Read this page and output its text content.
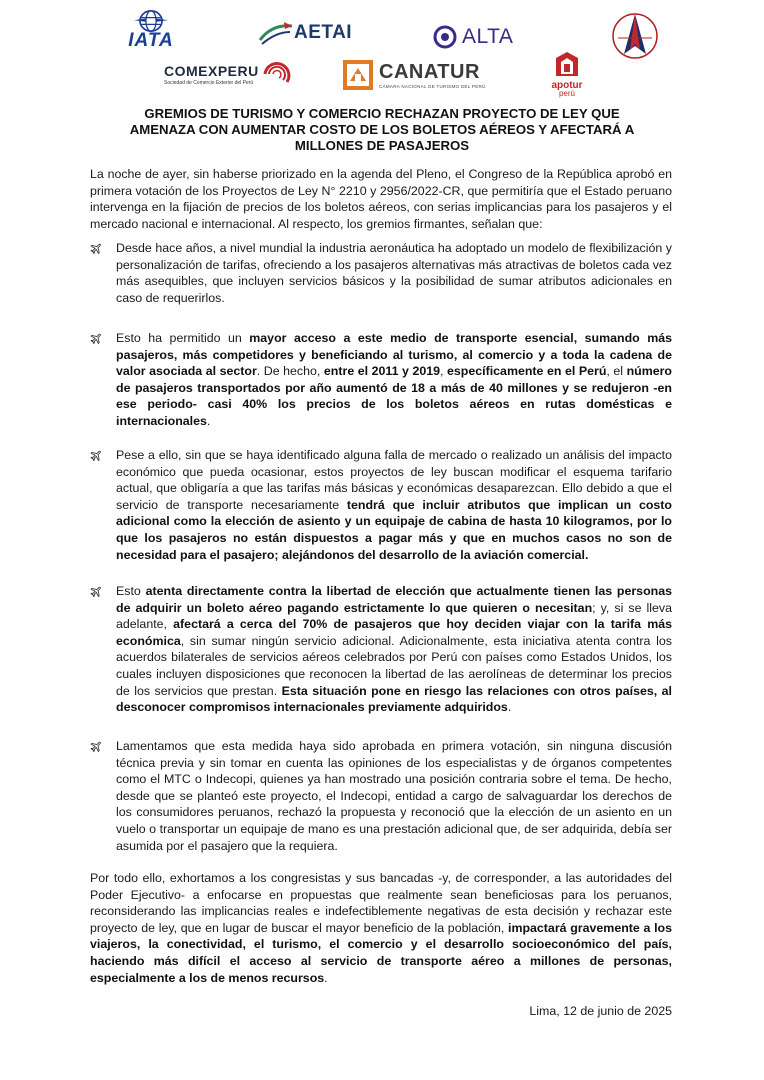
IATA	AETAI	ALTA
· · ·
COMEXPERU
Sociedad de Comercio Exterior del Perú	CANATUR
CÁMARA NACIONAL DE TURISMO DEL PERÚ	apotur
perú
GREMIOS DE TURISMO Y COMERCIO RECHAZAN PROYECTO DE LEY QUE AMENAZA CON AUMENTAR COSTO DE LOS BOLETOS AÉREOS Y AFECTARÁ A MILLONES DE PASAJEROS
La noche de ayer, sin haberse priorizado en la agenda del Pleno, el Congreso de la República aprobó en primera votación de los Proyectos de Ley N° 2210 y 2956/2022-CR, que permitiría que el Estado peruano intervenga en la fijación de precios de los boletos aéreos, con serias implicancias para los pasajeros y el mercado nacional e internacional. Al respecto, los gremios firmantes, señalan que:
Desde hace años, a nivel mundial la industria aeronáutica ha adoptado un modelo de flexibilización y personalización de tarifas, ofreciendo a los pasajeros alternativas más atractivas de boletos cada vez más asequibles, que incluyen servicios básicos y la posibilidad de sumar atributos adicionales en caso de requerirlos.
Esto ha permitido un mayor acceso a este medio de transporte esencial, sumando más pasajeros, más competidores y beneficiando al turismo, al comercio y a toda la cadena de valor asociada al sector. De hecho, entre el 2011 y 2019, específicamente en el Perú, el número de pasajeros transportados por año aumentó de 18 a más de 40 millones y se redujeron -en ese periodo- casi 40% los precios de los boletos aéreos en rutas domésticas e internacionales.
Pese a ello, sin que se haya identificado alguna falla de mercado o realizado un análisis del impacto económico que pueda ocasionar, estos proyectos de ley buscan modificar el esquema tarifario actual, que obligaría a que las tarifas más básicas y económicas desaparezcan. Ello debido a que el servicio de transporte necesariamente tendrá que incluir atributos que implican un costo adicional como la elección de asiento y un equipaje de cabina de hasta 10 kilogramos, por lo que los pasajeros no están dispuestos a pagar más y que en muchos casos no son de necesidad para el pasajero; alejándonos del desarrollo de la aviación comercial.
Esto atenta directamente contra la libertad de elección que actualmente tienen las personas de adquirir un boleto aéreo pagando estrictamente lo que quieren o necesitan; y, si se lleva adelante, afectará a cerca del 70% de pasajeros que hoy deciden viajar con la tarifa más económica, sin sumar ningún servicio adicional. Adicionalmente, esta iniciativa atenta contra los acuerdos bilaterales de servicios aéreos celebrados por Perú con países como Estados Unidos, los cuales incluyen disposiciones que reconocen la libertad de las aerolíneas de determinar los precios de los servicios que prestan. Esta situación pone en riesgo las relaciones con otros países, al desconocer compromisos internacionales previamente adquiridos.
Lamentamos que esta medida haya sido aprobada en primera votación, sin ninguna discusión técnica previa y sin tomar en cuenta las opiniones de los especialistas y de órganos competentes como el MTC o Indecopi, quienes ya han mostrado una posición contraria sobre el tema. De hecho, desde que se planteó este proyecto, el Indecopi, entidad a cargo de salvaguardar los derechos de los consumidores peruanos, rechazó la propuesta y reconoció que la elección de un asiento en un vuelo o transportar un equipaje de mano es una prestación adicional que, de ser adquirida, debía ser asumida por el pasajero que la requiera.
Por todo ello, exhortamos a los congresistas y sus bancadas -y, de corresponder, a las autoridades del Poder Ejecutivo- a enfocarse en propuestas que realmente sean beneficiosas para los peruanos, reconsiderando las implicancias reales e indefectiblemente negativas de esta decisión y rechazar este proyecto de ley, que en lugar de buscar el mayor beneficio de la población, impactará gravemente a los viajeros, la conectividad, el turismo, el comercio y el desarrollo socioeconómico del país, haciendo más difícil el acceso al servicio de transporte aéreo a millones de personas, especialmente a los de menos recursos.
Lima, 12 de junio de 2025
